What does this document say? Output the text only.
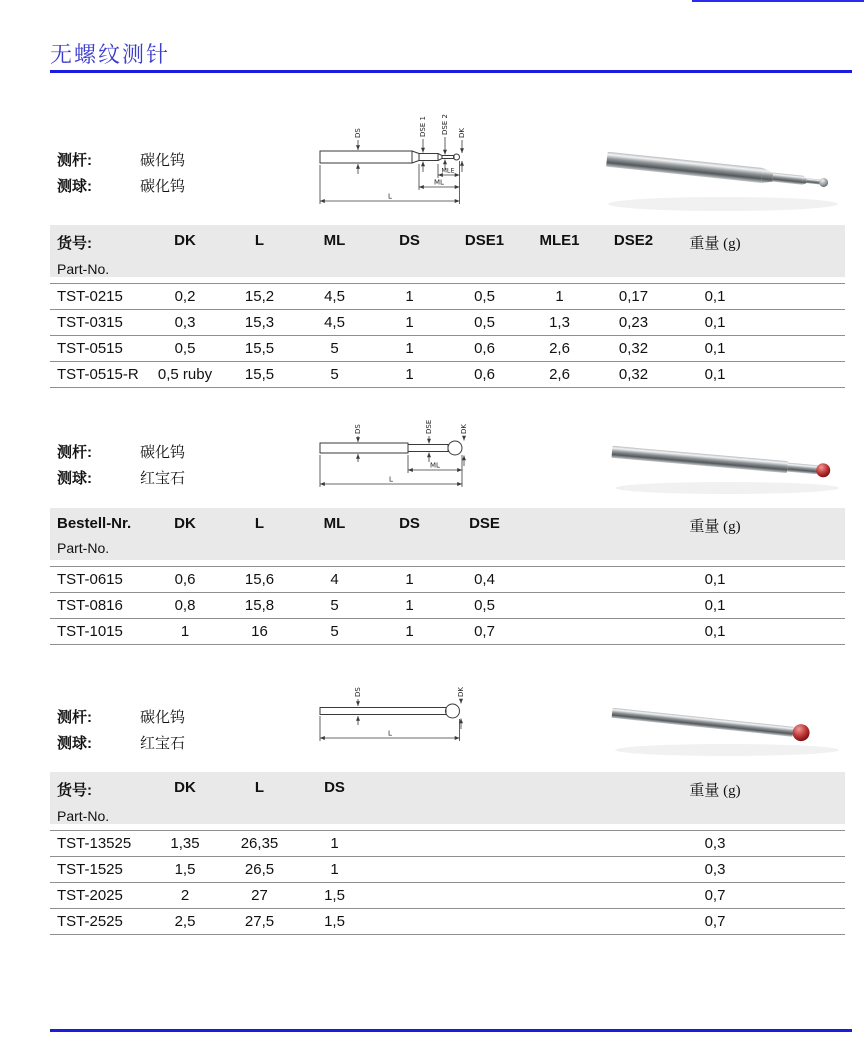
无螺纹测针
测杆:	碳化钨
测球:	碳化钨
DS	DSE 1 DSE 2 DK
MLE
ML
L
货号:
Part-No.
DK	L	ML	DS	DSE1	MLE1	DSE2	重量 (g)
TST-0215	0,2	15,2	4,5	1	0,5	1	0,17	0,1
TST-0315	0,3	15,3	4,5	1	0,5	1,3	0,23	0,1
TST-0515	0,5	15,5	5	1	0,6	2,6	0,32	0,1
TST-0515-R	0,5 ruby	15,5	5	1	0,6	2,6	0,32	0,1
测杆:	碳化钨
测球:	红宝石
DS	DSE	DK
ML
L
Bestell-Nr.
Part-No.
DK	L	ML	DS	DSE	重量 (g)
TST-0615	0,6	15,6	4	1	0,4	0,1
TST-0816	0,8	15,8	5	1	0,5	0,1
TST-1015	1	16	5	1	0,7	0,1
测杆:	碳化钨
测球:	红宝石
DS	DK
L
货号:
Part-No.
DK	L	DS	重量 (g)
TST-13525	1,35	26,35	1	0,3
TST-1525	1,5	26,5	1	0,3
TST-2025	2	27	1,5	0,7
TST-2525	2,5	27,5	1,5	0,7
